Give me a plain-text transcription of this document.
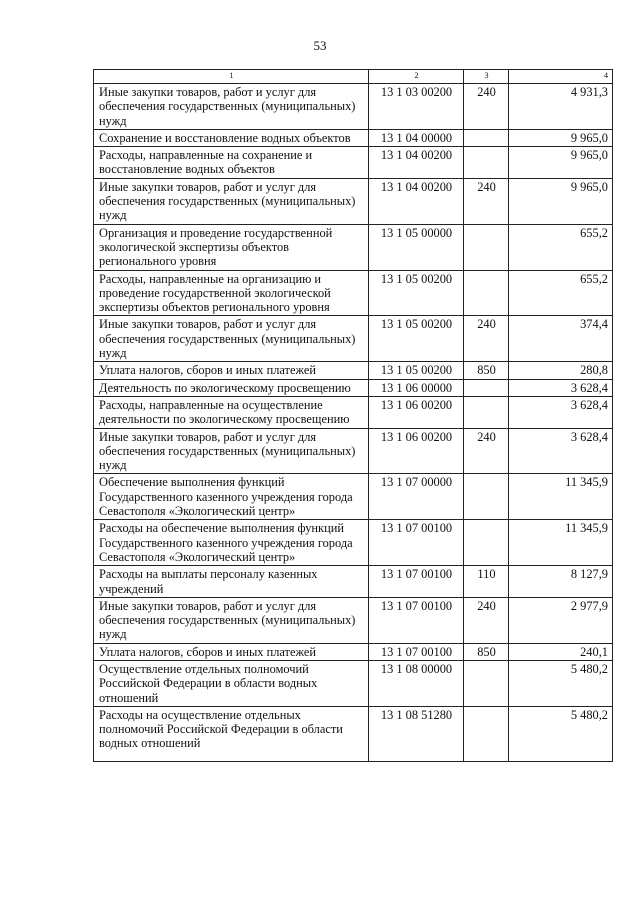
53
1	2	3	4
Иные закупки товаров, работ и услуг для обеспечения государственных (муниципальных) нужд	13 1 03 00200	240	4 931,3
Сохранение и восстановление водных объектов	13 1 04 00000		9 965,0
Расходы, направленные на сохранение и восстановление водных объектов	13 1 04 00200		9 965,0
Иные закупки товаров, работ и услуг для обеспечения государственных (муниципальных) нужд	13 1 04 00200	240	9 965,0
Организация и проведение государственной экологической экспертизы объектов регионального уровня	13 1 05 00000		655,2
Расходы, направленные на организацию и проведение государственной экологической экспертизы объектов регионального уровня	13 1 05 00200		655,2
Иные закупки товаров, работ и услуг для обеспечения государственных (муниципальных) нужд	13 1 05 00200	240	374,4
Уплата налогов, сборов и иных платежей	13 1 05 00200	850	280,8
Деятельность по экологическому просвещению	13 1 06 00000		3 628,4
Расходы, направленные на осуществление деятельности по экологическому просвещению	13 1 06 00200		3 628,4
Иные закупки товаров, работ и услуг для обеспечения государственных (муниципальных) нужд	13 1 06 00200	240	3 628,4
Обеспечение выполнения функций Государственного казенного учреждения города Севастополя «Экологический центр»	13 1 07 00000		11 345,9
Расходы на обеспечение выполнения функций Государственного казенного учреждения города Севастополя «Экологический центр»	13 1 07 00100		11 345,9
Расходы на выплаты персоналу казенных учреждений	13 1 07 00100	110	8 127,9
Иные закупки товаров, работ и услуг для обеспечения государственных (муниципальных) нужд	13 1 07 00100	240	2 977,9
Уплата налогов, сборов и иных платежей	13 1 07 00100	850	240,1
Осуществление отдельных полномочий Российской Федерации в области водных отношений	13 1 08 00000		5 480,2
Расходы на осуществление отдельных полномочий Российской Федерации в области водных отношений	13 1 08 51280		5 480,2
